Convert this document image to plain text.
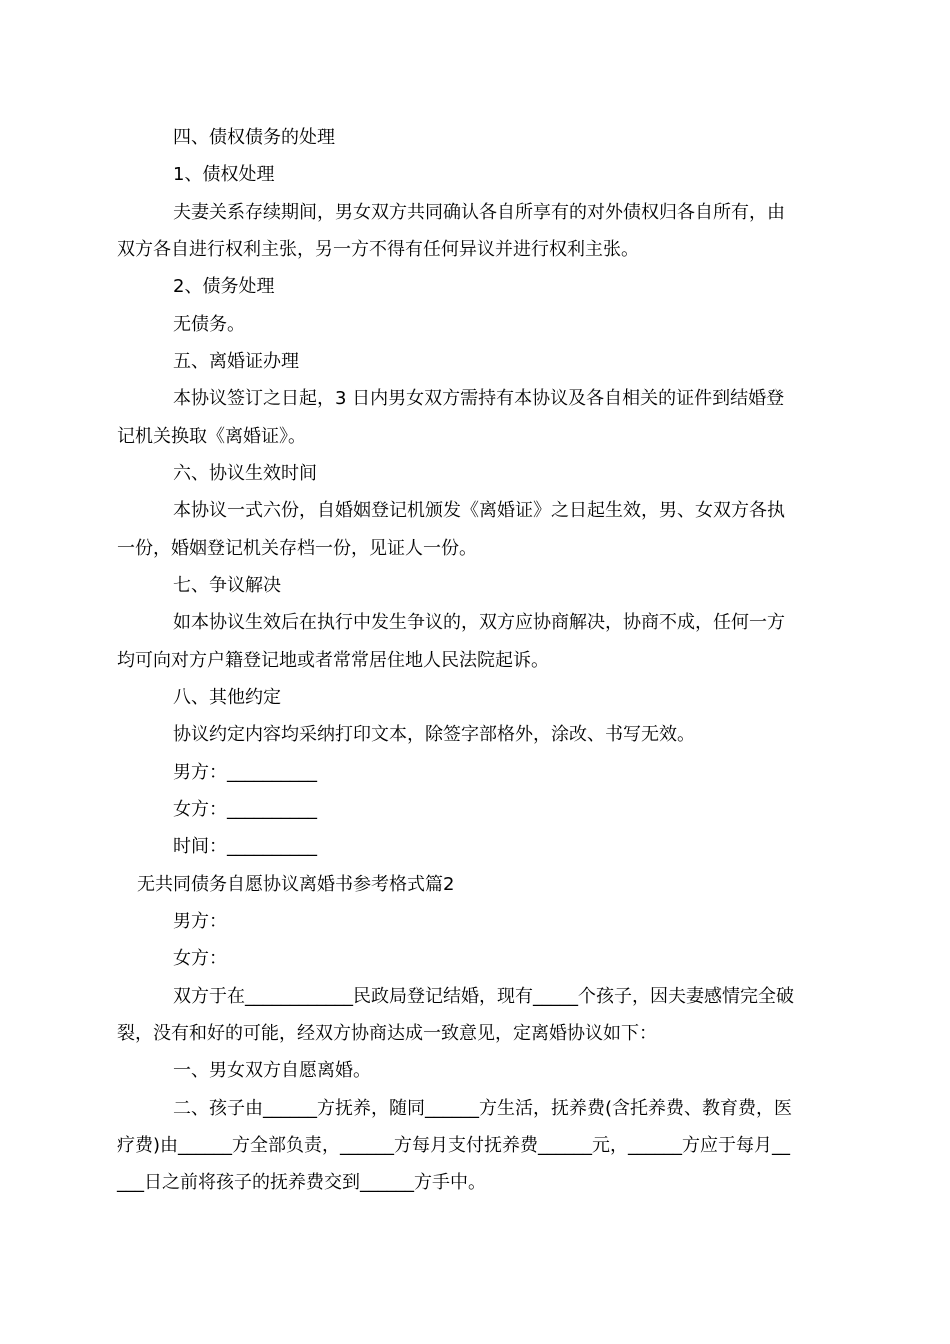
四、债权债务的处理
1、债权处理
夫妻关系存续期间，男女双方共同确认各自所享有的对外债权归各自所有，由
双方各自进行权利主张，另一方不得有任何异议并进行权利主张。
2、债务处理
无债务。
五、离婚证办理
本协议签订之日起，3 日内男女双方需持有本协议及各自相关的证件到结婚登
记机关换取《离婚证》。
六、协议生效时间
本协议一式六份，自婚姻登记机颁发《离婚证》之日起生效，男、女双方各执
一份，婚姻登记机关存档一份，见证人一份。
七、争议解决
如本协议生效后在执行中发生争议的，双方应协商解决，协商不成，任何一方
均可向对方户籍登记地或者常常居住地人民法院起诉。
八、其他约定
协议约定内容均采纳打印文本，除签字部格外，涂改、书写无效。
男方：__________
女方：__________
时间：__________
无共同债务自愿协议离婚书参考格式篇2
男方：
女方：
双方于在____________民政局登记结婚，现有_____个孩子，因夫妻感情完全破
裂，没有和好的可能，经双方协商达成一致意见，定离婚协议如下：
一、男女双方自愿离婚。
二、孩子由______方抚养，随同______方生活，抚养费(含托养费、教育费，医
疗费)由______方全部负责，______方每月支付抚养费______元，______方应于每月__
___日之前将孩子的抚养费交到______方手中。
